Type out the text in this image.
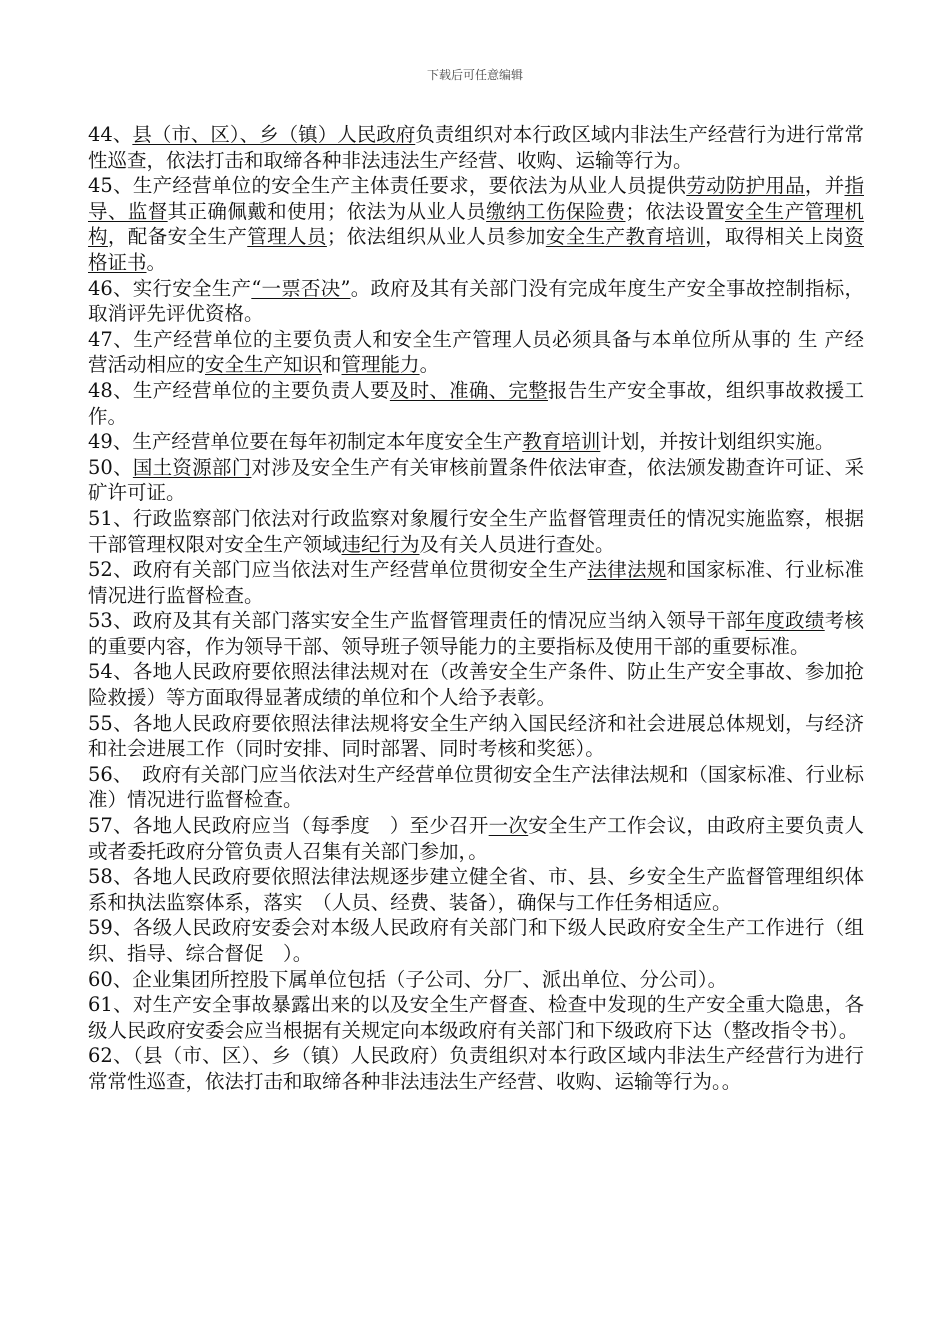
下载后可任意编辑

44、县（市、区）、乡（镇）人民政府负责组织对本行政区域内非法生产经营行为进行常常性巡查，依法打击和取缔各种非法违法生产经营、收购、运输等行为。

45、生产经营单位的安全生产主体责任要求，要依法为从业人员提供劳动防护用品，并指导、监督其正确佩戴和使用；依法为从业人员缴纳工伤保险费；依法设置安全生产管理机构，配备安全生产管理人员；依法组织从业人员参加安全生产教育培训，取得相关上岗资格证书。

46、实行安全生产“一票否决”。政府及其有关部门没有完成年度生产安全事故控制指标，取消评先评优资格。

47、生产经营单位的主要负责人和安全生产管理人员必须具备与本单位所从事的 生 产经营活动相应的安全生产知识和管理能力。

48、生产经营单位的主要负责人要及时、准确、完整报告生产安全事故，组织事故救援工作。

49、生产经营单位要在每年初制定本年度安全生产教育培训计划，并按计划组织实施。

50、国土资源部门对涉及安全生产有关审核前置条件依法审查，依法颁发勘查许可证、采矿许可证。

51、行政监察部门依法对行政监察对象履行安全生产监督管理责任的情况实施监察，根据干部管理权限对安全生产领域违纪行为及有关人员进行查处。

52、政府有关部门应当依法对生产经营单位贯彻安全生产法律法规和国家标准、行业标准情况进行监督检查。

53、政府及其有关部门落实安全生产监督管理责任的情况应当纳入领导干部年度政绩考核的重要内容，作为领导干部、领导班子领导能力的主要指标及使用干部的重要标准。

54、各地人民政府要依照法律法规对在（改善安全生产条件、防止生产安全事故、参加抢险救援）等方面取得显著成绩的单位和个人给予表彰。

55、各地人民政府要依照法律法规将安全生产纳入国民经济和社会进展总体规划，与经济和社会进展工作（同时安排、同时部署、同时考核和奖惩）。

56、　政府有关部门应当依法对生产经营单位贯彻安全生产法律法规和（国家标准、行业标准）情况进行监督检查。

57、各地人民政府应当（每季度　）至少召开一次安全生产工作会议，由政府主要负责人或者委托政府分管负责人召集有关部门参加，。

58、各地人民政府要依照法律法规逐步建立健全省、市、县、乡安全生产监督管理组织体系和执法监察体系，落实　（人员、经费、装备），确保与工作任务相适应。

59、各级人民政府安委会对本级人民政府有关部门和下级人民政府安全生产工作进行（组织、指导、综合督促　）。

60、企业集团所控股下属单位包括（子公司、分厂、派出单位、分公司）。

61、对生产安全事故暴露出来的以及安全生产督查、检查中发现的生产安全重大隐患，各级人民政府安委会应当根据有关规定向本级政府有关部门和下级政府下达（整改指令书）。

62、（县（市、区）、乡（镇）人民政府）负责组织对本行政区域内非法生产经营行为进行常常性巡查，依法打击和取缔各种非法违法生产经营、收购、运输等行为。。
